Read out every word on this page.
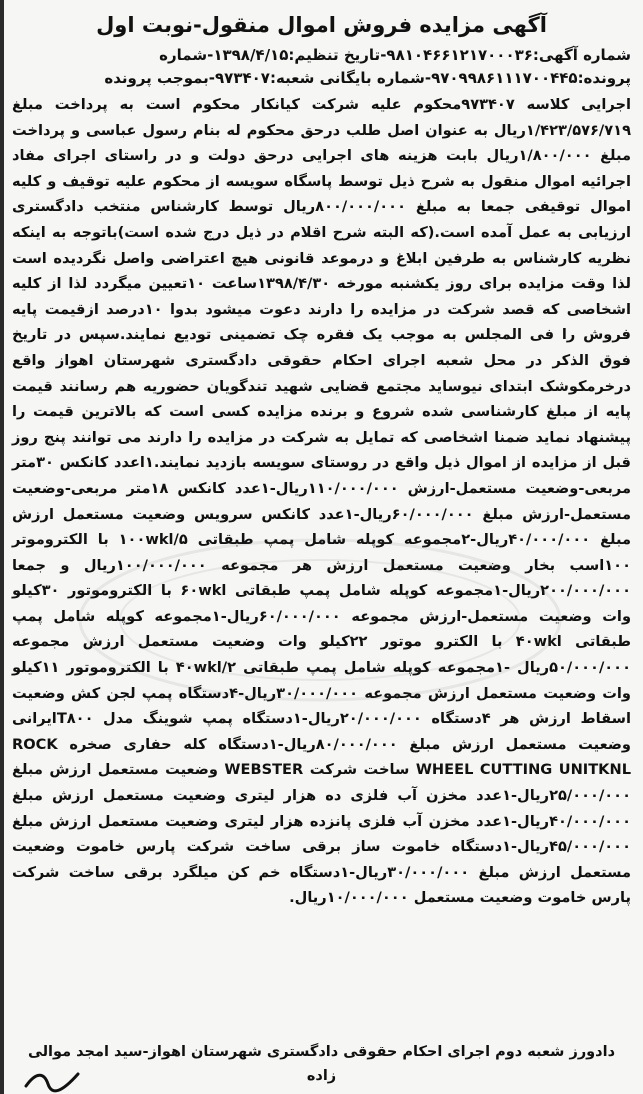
آگهی مزایده فروش اموال منقول-نوبت اول
شماره آگهی:۹۸۱۰۴۶۶۱۲۱۷۰۰۰۳۶-تاریخ تنظیم:۱۳۹۸/۴/۱۵-شماره
پرونده:۹۷۰۹۹۸۶۱۱۱۷۰۰۴۴۵-شماره بایگانی شعبه:۹۷۳۴۰۷-بموجب پرونده
اجرایی کلاسه ۹۷۳۴۰۷محکوم علیه شرکت کیانکار محکوم است به پرداخت مبلغ ۱/۴۲۳/۵۷۶/۷۱۹ریال به عنوان اصل طلب درحق محکوم له بنام رسول عباسی و پرداخت مبلغ ۱/۸۰۰/۰۰۰ریال بابت هزینه های اجرایی درحق دولت و در راستای اجرای مفاد اجرائیه اموال منقول به شرح ذیل توسط پاسگاه سویسه از محکوم علیه توقیف و کلیه اموال توقیفی جمعا به مبلغ ۸۰۰/۰۰۰/۰۰۰ریال توسط کارشناس منتخب دادگستری ارزیابی به عمل آمده است.(که البته شرح اقلام در ذیل درج شده است)باتوجه به اینکه نظریه کارشناس به طرفین ابلاغ و درموعد قانونی هیچ اعتراضی واصل نگردیده است لذا وقت مزایده برای روز یکشنبه مورخه ۱۳۹۸/۴/۳۰ساعت ۱۰تعیین میگردد لذا از کلیه اشخاصی که قصد شرکت در مزایده را دارند دعوت میشود بدوا ۱۰درصد ازقیمت پایه فروش را فی المجلس به موجب یک فقره چک تضمینی تودیع نمایند.سپس در تاریخ فوق الذکر در محل شعبه اجرای احکام حقوقی دادگستری شهرستان اهواز واقع درخرمکوشک ابتدای نیوساید مجتمع قضایی شهید تندگویان حضوریه هم رسانند قیمت پایه از مبلغ کارشناسی شده شروع و برنده مزایده کسی است که بالاترین قیمت را پیشنهاد نماید ضمنا اشخاصی که تمایل به شرکت در مزایده را دارند می توانند پنج روز قبل از مزایده از اموال ذیل واقع در روستای سویسه بازدید نمایند.۱اعدد کانکس ۳۰متر مربعی-وضعیت مستعمل-ارزش ۱۱۰/۰۰۰/۰۰۰ریال-۱عدد کانکس ۱۸متر مربعی-وضعیت مستعمل-ارزش مبلغ ۶۰/۰۰۰/۰۰۰ریال-۱عدد کانکس سرویس وضعیت مستعمل ارزش مبلغ ۴۰/۰۰۰/۰۰۰ریال-۲مجموعه کوپله شامل پمپ طبقاتی ۱۰۰wkl/۵ با الکتروموتر ۱۰۰اسب بخار وضعیت مستعمل ارزش هر مجموعه ۱۰۰/۰۰۰/۰۰۰ریال و جمعا ۲۰۰/۰۰۰/۰۰۰ریال-۱مجموعه کوپله شامل پمپ طبقاتی ۶۰wkl با الکتروموتور ۳۰کیلو وات وضعیت مستعمل-ارزش مجموعه ۶۰/۰۰۰/۰۰۰ریال-۱مجموعه کوپله شامل پمپ طبقاتی ۴۰wkl با الکترو موتور ۲۲کیلو وات وضعیت مستعمل ارزش مجموعه ۵۰/۰۰۰/۰۰۰ریال -۱مجموعه کوپله شامل پمپ طبقاتی ۴۰wkl/۲ با الکتروموتور ۱۱کیلو وات وضعیت مستعمل ارزش مجموعه ۳۰/۰۰۰/۰۰۰ریال-۴دستگاه پمپ لجن کش وضعیت اسقاط ارزش هر ۴دستگاه ۲۰/۰۰۰/۰۰۰ریال-۱دستگاه پمپ شوینگ مدل T۸۰۰ایرانی وضعیت مستعمل ارزش مبلغ ۸۰/۰۰۰/۰۰۰ریال-۱دستگاه کله حفاری صخره ROCK WHEEL CUTTING UNITKNL ساخت شرکت WEBSTER وضعیت مستعمل ارزش مبلغ ۲۵/۰۰۰/۰۰۰ریال-۱عدد مخزن آب فلزی ده هزار لیتری وضعیت مستعمل ارزش مبلغ ۴۰/۰۰۰/۰۰۰ریال-۱عدد مخزن آب فلزی پانزده هزار لیتری وضعیت مستعمل ارزش مبلغ ۴۵/۰۰۰/۰۰۰ریال-۱دستگاه خاموت ساز برقی ساخت شرکت پارس خاموت وضعیت مستعمل ارزش مبلغ ۳۰/۰۰۰/۰۰۰ریال-۱دستگاه خم کن میلگرد برقی ساخت شرکت پارس خاموت وضعیت مستعمل ۱۰/۰۰۰/۰۰۰ریال.
دادورز شعبه دوم اجرای احکام حقوقی دادگستری شهرستان اهواز-سید امجد موالی زاده
